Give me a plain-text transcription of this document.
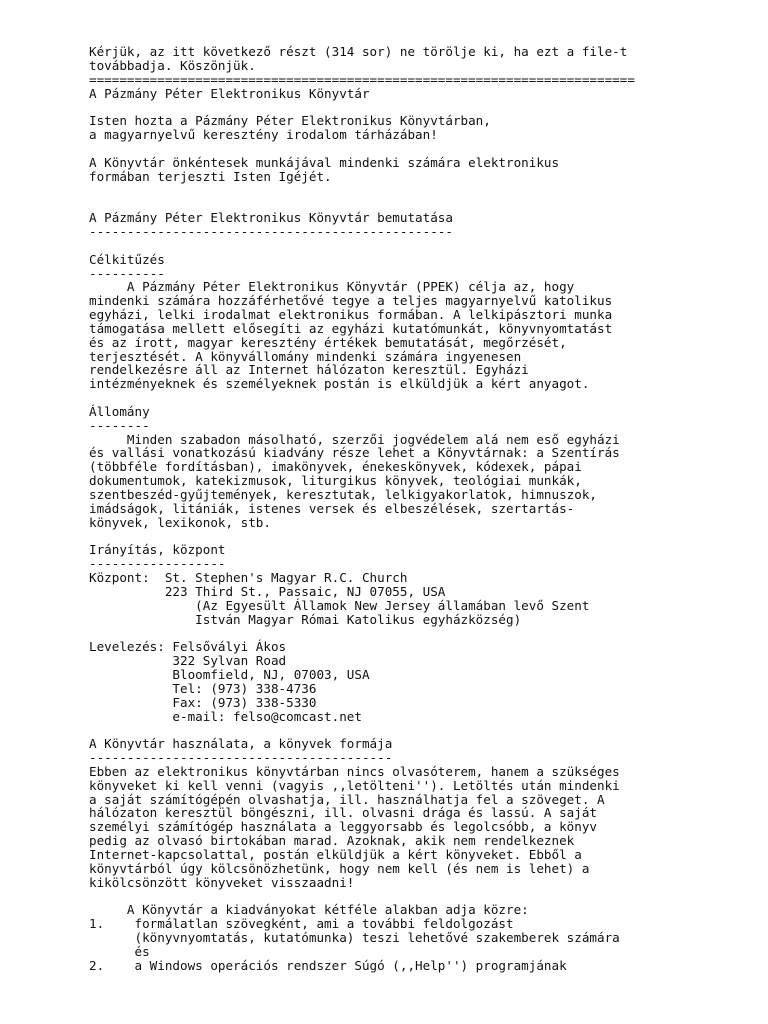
Kérjük, az itt következő részt (314 sor) ne törölje ki, ha ezt a file-t
továbbadja. Köszönjük.
========================================================================
A Pázmány Péter Elektronikus Könyvtár
Isten hozta a Pázmány Péter Elektronikus Könyvtárban,
a magyarnyelvű keresztény irodalom tárházában!
A Könyvtár önkéntesek munkájával mindenki számára elektronikus
formában terjeszti Isten Igéjét.
A Pázmány Péter Elektronikus Könyvtár bemutatása
------------------------------------------------
Célkitűzés
----------
A Pázmány Péter Elektronikus Könyvtár (PPEK) célja az, hogy
mindenki számára hozzáférhetővé tegye a teljes magyarnyelvű katolikus
egyházi, lelki irodalmat elektronikus formában. A lelkipásztori munka
támogatása mellett elősegíti az egyházi kutatómunkát, könyvnyomtatást
és az írott, magyar keresztény értékek bemutatását, megőrzését,
terjesztését. A könyvállomány mindenki számára ingyenesen
rendelkezésre áll az Internet hálózaton keresztül. Egyházi
intézményeknek és személyeknek postán is elküldjük a kért anyagot.
Állomány
--------
Minden szabadon másolható, szerzői jogvédelem alá nem eső egyházi
és vallási vonatkozású kiadvány része lehet a Könyvtárnak: a Szentírás
(többféle fordításban), imakönyvek, énekeskönyvek, kódexek, pápai
dokumentumok, katekizmusok, liturgikus könyvek, teológiai munkák,
szentbeszéd-gyűjtemények, keresztutak, lelkigyakorlatok, himnuszok,
imádságok, litániák, istenes versek és elbeszélések, szertartás-
könyvek, lexikonok, stb.
Irányítás, központ
------------------
Központ:  St. Stephen's Magyar R.C. Church
223 Third St., Passaic, NJ 07055, USA
(Az Egyesült Államok New Jersey államában levő Szent
István Magyar Római Katolikus egyházközség)
Levelezés: Felsővályi Ákos
322 Sylvan Road
Bloomfield, NJ, 07003, USA
Tel: (973) 338-4736
Fax: (973) 338-5330
e-mail: felso@comcast.net
A Könyvtár használata, a könyvek formája
----------------------------------------
Ebben az elektronikus könyvtárban nincs olvasóterem, hanem a szükséges
könyveket ki kell venni (vagyis ,,letölteni''). Letöltés után mindenki
a saját számítógépén olvashatja, ill. használhatja fel a szöveget. A
hálózaton keresztül böngészni, ill. olvasni drága és lassú. A saját
személyi számítógép használata a leggyorsabb és legolcsóbb, a könyv
pedig az olvasó birtokában marad. Azoknak, akik nem rendelkeznek
Internet-kapcsolattal, postán elküldjük a kért könyveket. Ebből a
könyvtárból úgy kölcsönözhetünk, hogy nem kell (és nem is lehet) a
kikölcsönzött könyveket visszaadni!
A Könyvtár a kiadványokat kétféle alakban adja közre:
1.    formálatlan szövegként, ami a további feldolgozást
(könyvnyomtatás, kutatómunka) teszi lehetővé szakemberek számára
és
2.    a Windows operációs rendszer Súgó (,,Help'') programjának
